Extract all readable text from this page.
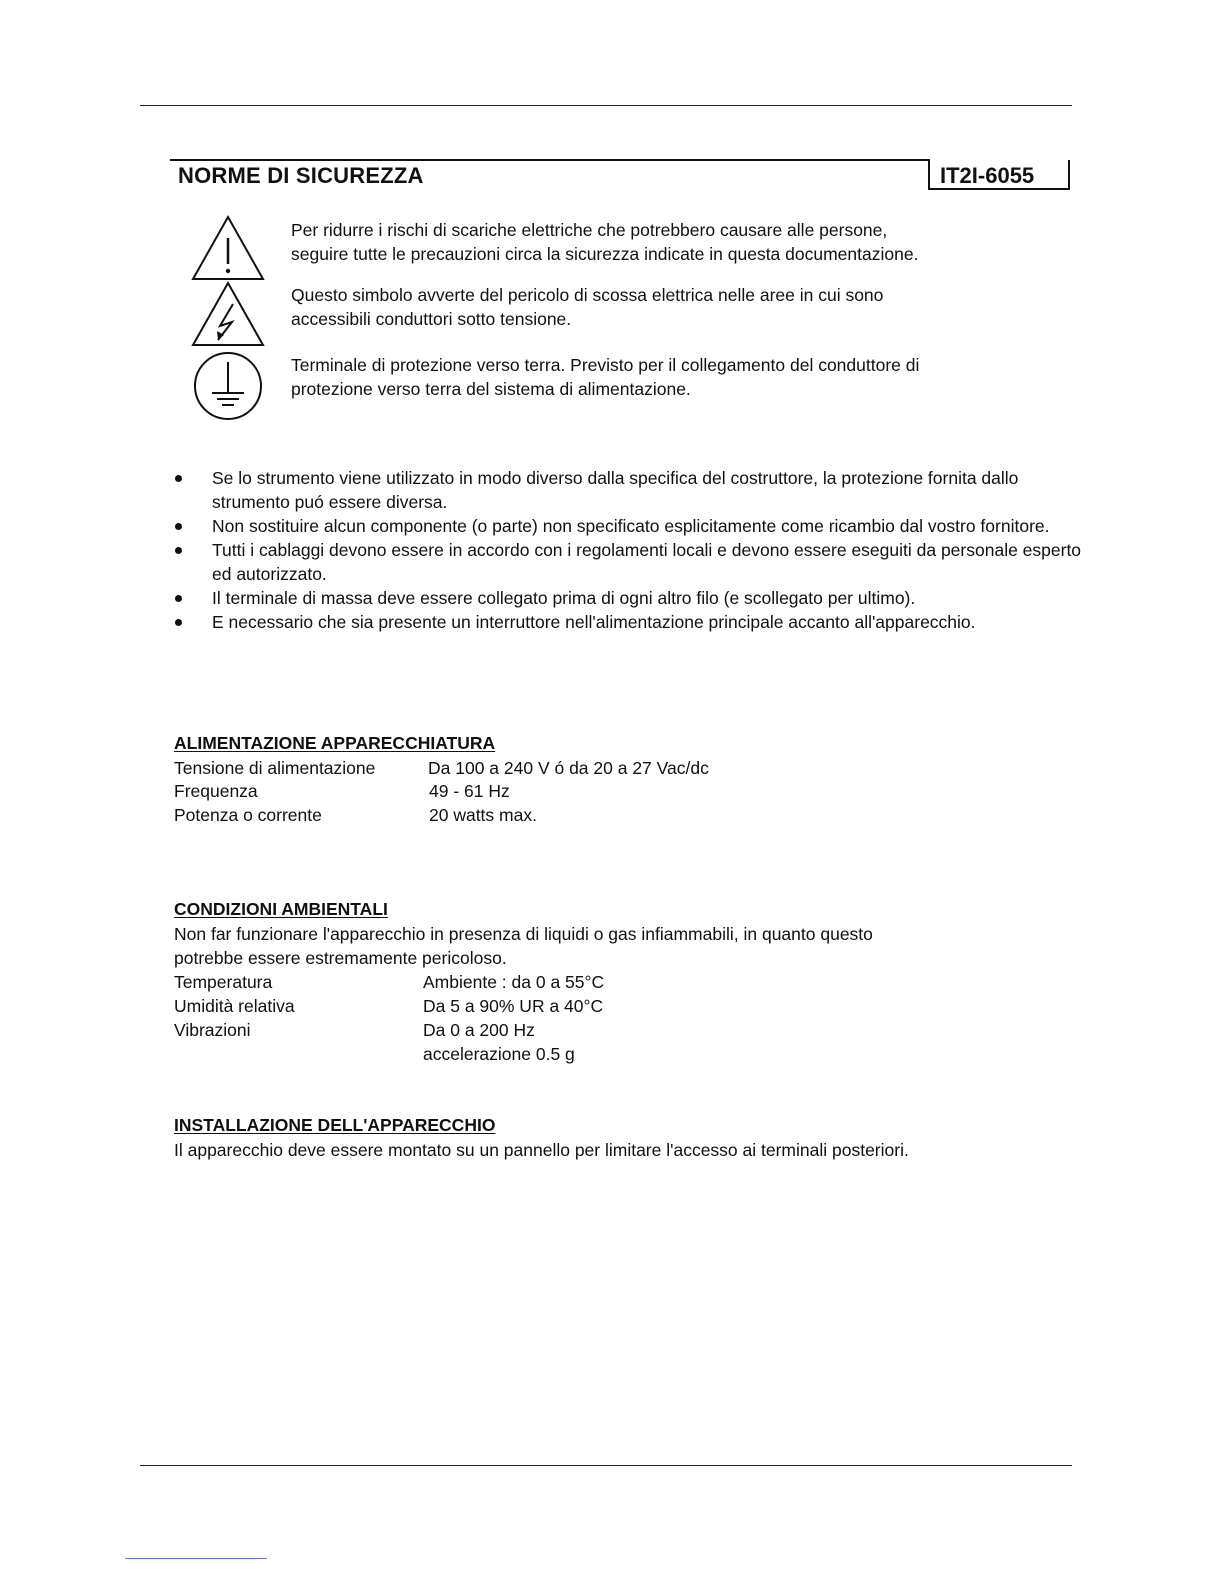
NORME DI SICUREZZA	IT2I-6055
Per ridurre i rischi di scariche elettriche che potrebbero causare alle persone,
seguire tutte le precauzioni circa la sicurezza indicate in questa documentazione.
Questo simbolo avverte del pericolo di scossa elettrica nelle aree in cui sono
accessibili conduttori sotto tensione.
Terminale di protezione verso terra. Previsto per il collegamento del conduttore di
protezione verso terra del sistema di alimentazione.
Se lo strumento viene utilizzato in modo diverso dalla specifica del costruttore, la protezione fornita dallo strumento puó essere diversa.
Non sostituire alcun componente (o parte) non specificato esplicitamente come ricambio dal vostro fornitore.
Tutti i cablaggi devono essere in accordo con i regolamenti locali e devono essere eseguiti da personale esperto ed autorizzato.
Il terminale di massa deve essere collegato prima di ogni altro filo (e scollegato per ultimo).
E necessario che sia presente un interruttore nell'alimentazione principale accanto all'apparecchio.
ALIMENTAZIONE APPARECCHIATURA
Tensione di alimentazione	Da 100 a 240 V ó da 20 a 27 Vac/dc
Frequenza	49 - 61 Hz
Potenza o corrente	20 watts max.
CONDIZIONI AMBIENTALI
Non far funzionare l'apparecchio in presenza di liquidi o gas infiammabili, in quanto questo
potrebbe essere estremamente pericoloso.
Temperatura	Ambiente : da 0 a 55°C
Umidità relativa	Da 5 a 90% UR a 40°C
Vibrazioni	Da 0 a 200 Hz
accelerazione 0.5 g
INSTALLAZIONE DELL'APPARECCHIO
Il apparecchio deve essere montato su un pannello per limitare l'accesso ai terminali posteriori.
